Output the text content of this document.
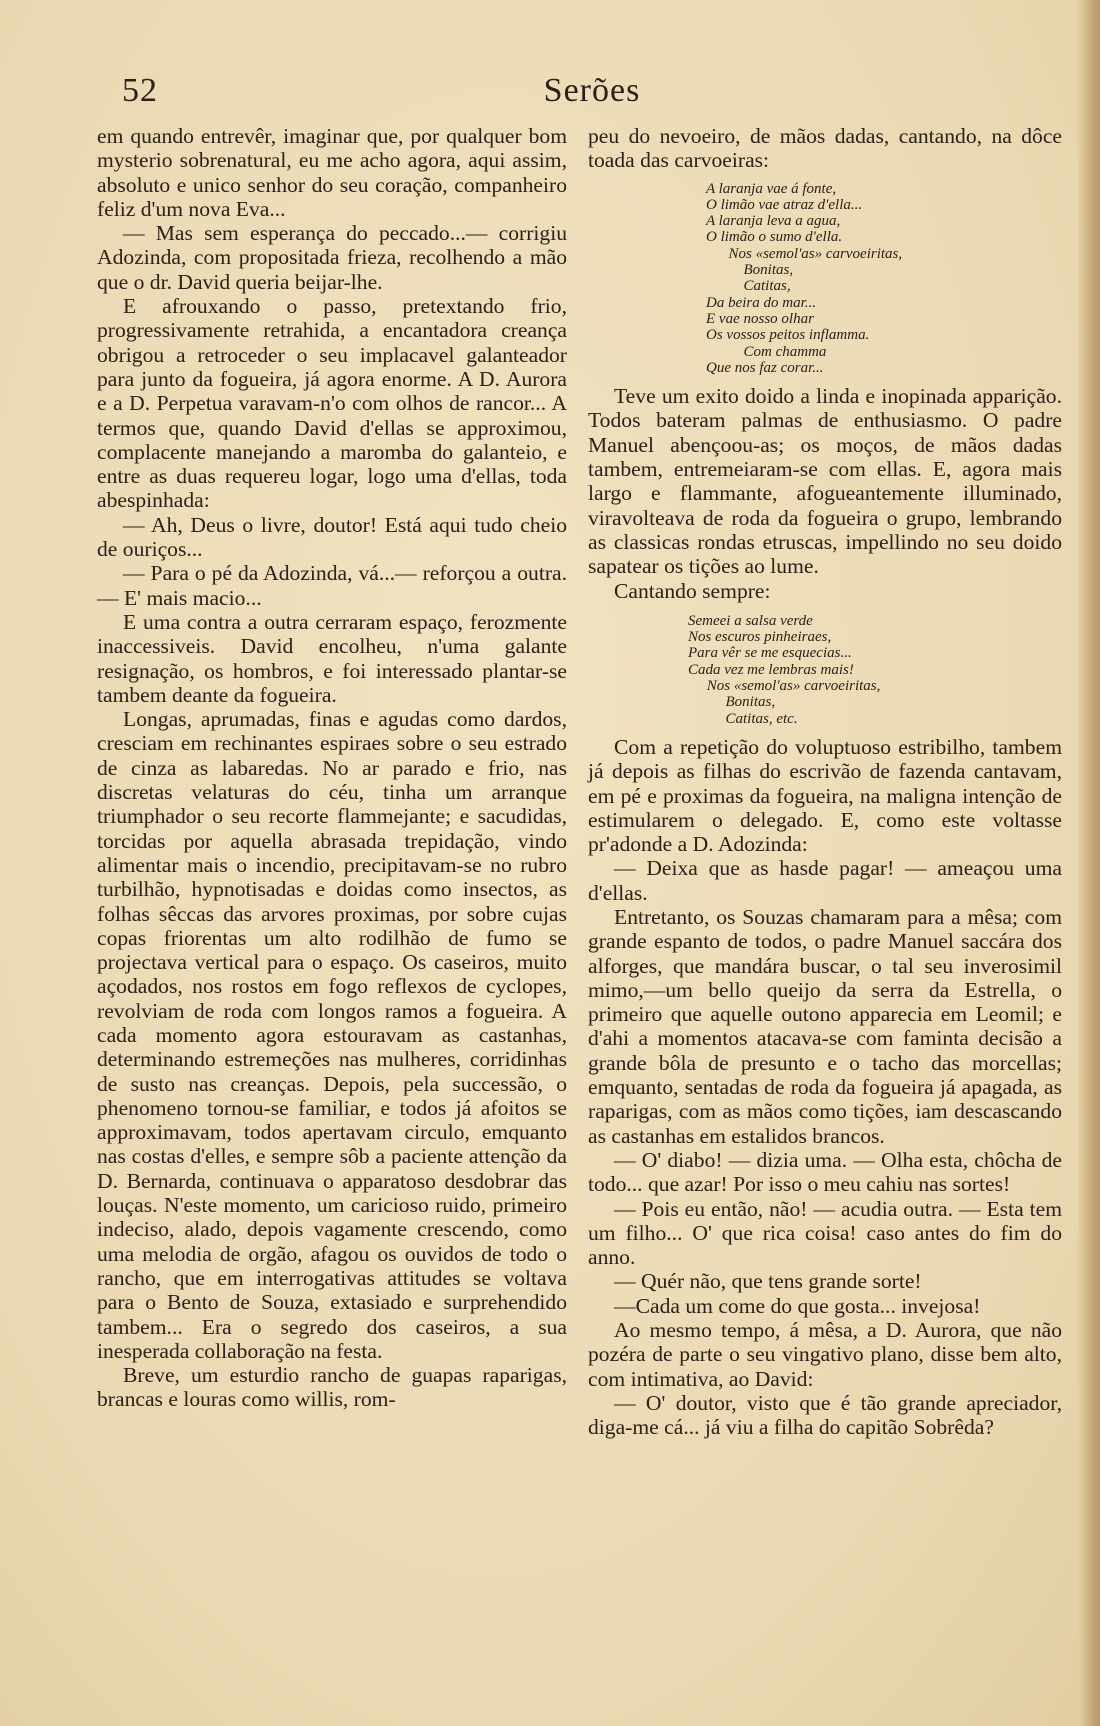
52	Serões

em quando entrevêr, imaginar que, por qualquer bom mysterio sobrenatural, eu me acho agora, aqui assim, absoluto e unico senhor do seu coração, companheiro feliz d'um nova Eva...

— Mas sem esperança do peccado...— corrigiu Adozinda, com propositada frieza, recolhendo a mão que o dr. David queria beijar-lhe.

E afrouxando o passo, pretextando frio, progressivamente retrahida, a encantadora creança obrigou a retroceder o seu implacavel galanteador para junto da fogueira, já agora enorme. A D. Aurora e a D. Perpetua varavam-n'o com olhos de rancor... A termos que, quando David d'ellas se approximou, complacente manejando a maromba do galanteio, e entre as duas requereu logar, logo uma d'ellas, toda abespinhada:

— Ah, Deus o livre, doutor! Está aqui tudo cheio de ouriços...

— Para o pé da Adozinda, vá...— reforçou a outra. — E' mais macio...

E uma contra a outra cerraram espaço, ferozmente inaccessiveis. David encolheu, n'uma galante resignação, os hombros, e foi interessado plantar-se tambem deante da fogueira.

Longas, aprumadas, finas e agudas como dardos, cresciam em rechinantes espiraes sobre o seu estrado de cinza as labaredas. No ar parado e frio, nas discretas velaturas do céu, tinha um arranque triumphador o seu recorte flammejante; e sacudidas, torcidas por aquella abrasada trepidação, vindo alimentar mais o incendio, precipitavam-se no rubro turbilhão, hypnotisadas e doidas como insectos, as folhas sêccas das arvores proximas, por sobre cujas copas friorentas um alto rodilhão de fumo se projectava vertical para o espaço. Os caseiros, muito açodados, nos rostos em fogo reflexos de cyclopes, revolviam de roda com longos ramos a fogueira. A cada momento agora estouravam as castanhas, determinando estremeções nas mulheres, corridinhas de susto nas creanças. Depois, pela successão, o phenomeno tornou-se familiar, e todos já afoitos se approximavam, todos apertavam circulo, emquanto nas costas d'elles, e sempre sôb a paciente attenção da D. Bernarda, continuava o apparatoso desdobrar das louças. N'este momento, um caricioso ruido, primeiro indeciso, alado, depois vagamente crescendo, como uma melodia de orgão, afagou os ouvidos de todo o rancho, que em interrogativas attitudes se voltava para o Bento de Souza, extasiado e surprehendido tambem... Era o segredo dos caseiros, a sua inesperada collaboração na festa.

Breve, um esturdio rancho de guapas raparigas, brancas e louras como willis, rom-

peu do nevoeiro, de mãos dadas, cantando, na dôce toada das carvoeiras:

A laranja vae á fonte,
O limão vae atraz d'ella...
A laranja leva a agua,
O limão o sumo d'ella.
Nos «semol'as» carvoeiritas,
Bonitas,
Catitas,
Da beira do mar...
E vae nosso olhar
Os vossos peitos inflamma.
Com chamma
Que nos faz corar...

Teve um exito doido a linda e inopinada apparição. Todos bateram palmas de enthusiasmo. O padre Manuel abençoou-as; os moços, de mãos dadas tambem, entremeiaram-se com ellas. E, agora mais largo e flammante, afogueantemente illuminado, viravolteava de roda da fogueira o grupo, lembrando as classicas rondas etruscas, impellindo no seu doido sapatear os tições ao lume.

Cantando sempre:

Semeei a salsa verde
Nos escuros pinheiraes,
Para vêr se me esquecias...
Cada vez me lembras mais!
Nos «semol'as» carvoeiritas,
Bonitas,
Catitas, etc.

Com a repetição do voluptuoso estribilho, tambem já depois as filhas do escrivão de fazenda cantavam, em pé e proximas da fogueira, na maligna intenção de estimularem o delegado. E, como este voltasse pr'adonde a D. Adozinda:

— Deixa que as hasde pagar! — ameaçou uma d'ellas.

Entretanto, os Souzas chamaram para a mêsa; com grande espanto de todos, o padre Manuel saccára dos alforges, que mandára buscar, o tal seu inverosimil mimo,—um bello queijo da serra da Estrella, o primeiro que aquelle outono apparecia em Leomil; e d'ahi a momentos atacava-se com faminta decisão a grande bôla de presunto e o tacho das morcellas; emquanto, sentadas de roda da fogueira já apagada, as raparigas, com as mãos como tições, iam descascando as castanhas em estalidos brancos.

— O' diabo! — dizia uma. — Olha esta, chôcha de todo... que azar! Por isso o meu cahiu nas sortes!

— Pois eu então, não! — acudia outra. — Esta tem um filho... O' que rica coisa! caso antes do fim do anno.

— Quér não, que tens grande sorte!

—Cada um come do que gosta... invejosa!

Ao mesmo tempo, á mêsa, a D. Aurora, que não pozéra de parte o seu vingativo plano, disse bem alto, com intimativa, ao David:

— O' doutor, visto que é tão grande apreciador, diga-me cá... já viu a filha do capitão Sobrêda?
